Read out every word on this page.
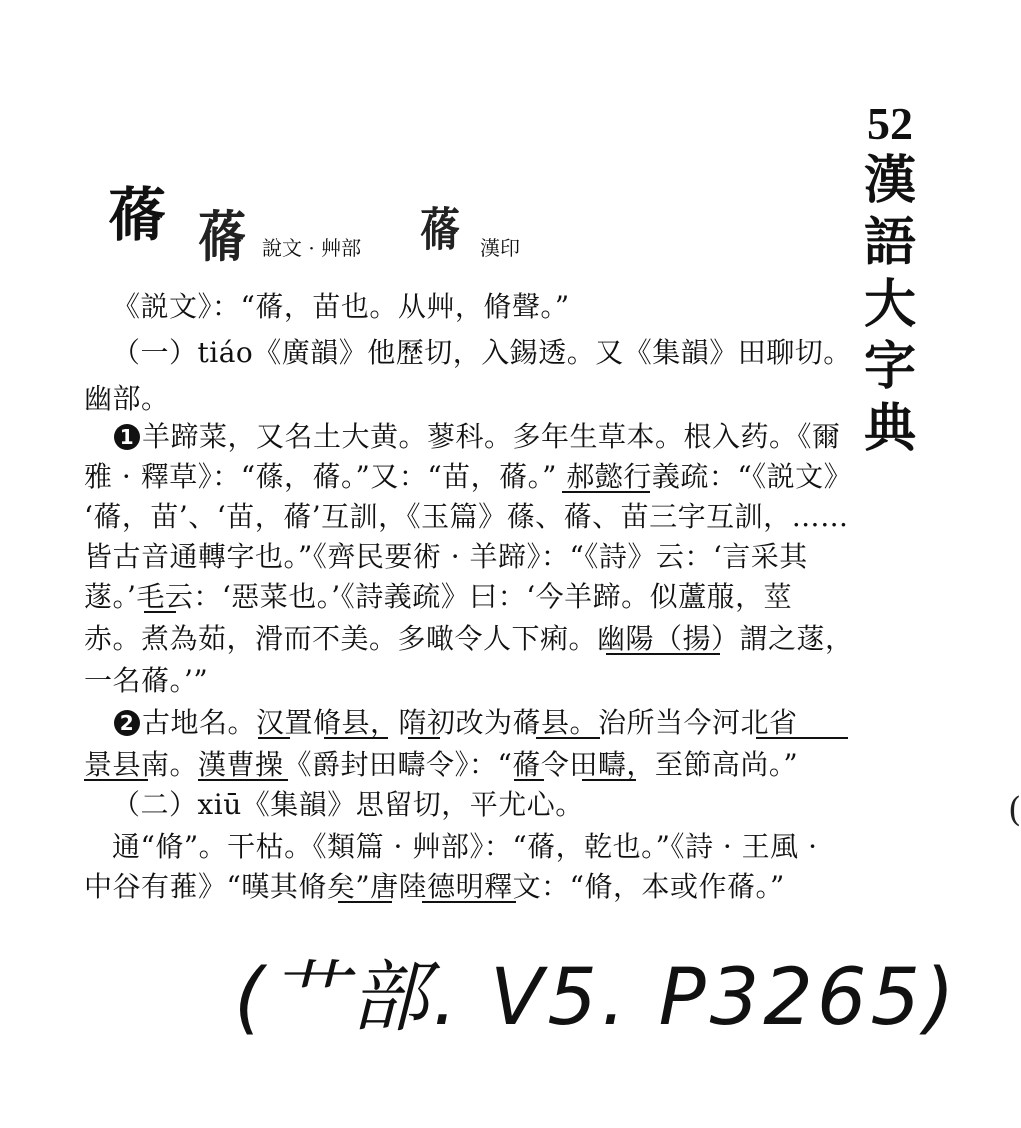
52
漢
語
大
字
典
蓨 蓨 說文 · 艸部 蓨 漢印
《説文》：“蓨，苗也。从艸，脩聲。”
（一）tiáo《廣韻》他歷切，入錫透。又《集韻》田聊切。
幽部。
1 羊蹄菜，又名土大黄。蓼科。多年生草本。根入药。《爾
雅 · 釋草》：“蓧，蓨。”又：“苗，蓨。” 郝懿行義疏：“《説文》
‘蓨，苗’、‘苗，蓨’互訓，《玉篇》蓧、蓨、苗三字互訓，……
皆古音通轉字也。”《齊民要術 · 羊蹄》：“《詩》云：‘言采其
蓫。’毛云：‘惡菜也。’《詩義疏》曰：‘今羊蹄。似蘆菔，莖
赤。煮為茹，滑而不美。多噉令人下痢。幽陽（揚）謂之蓫，
一名蓨。’”
2 古地名。汉置脩县，隋初改为蓨县。治所当今河北省
景县南。漢曹操《爵封田疇令》：“蓨令田疇，至節高尚。”
（二）xiū《集韻》思留切，平尤心。
通“脩”。干枯。《類篇 · 艸部》：“蓨，乾也。”《詩 · 王風 ·
中谷有蓷》“暵其脩矣”唐陸德明釋文：“脩，本或作蓨。”
(艹部. V5. P3265)
(
